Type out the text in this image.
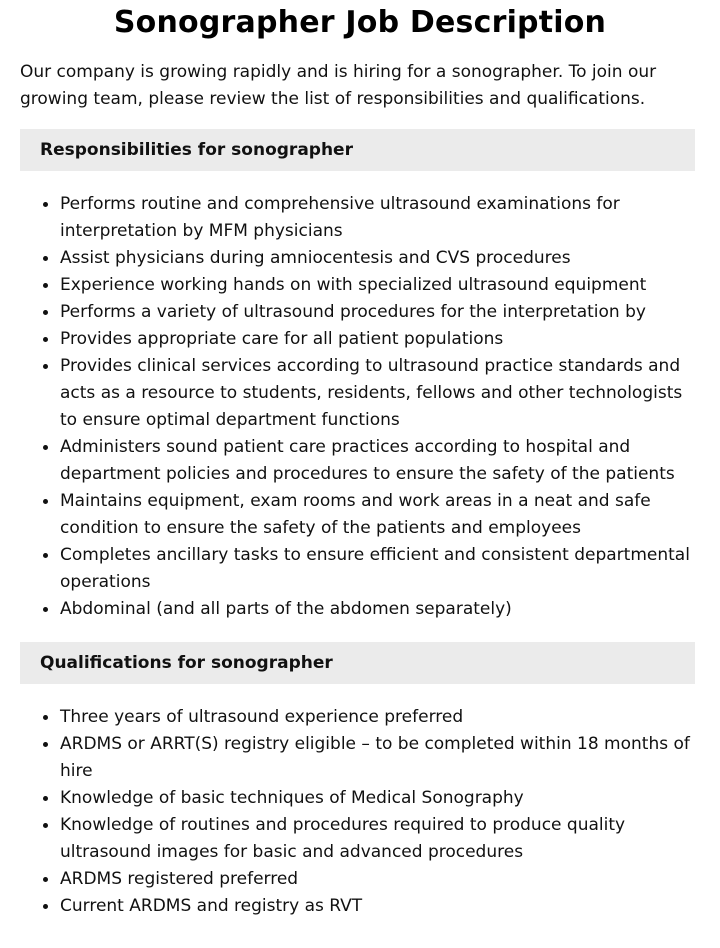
Sonographer Job Description

Our company is growing rapidly and is hiring for a sonographer. To join our growing team, please review the list of responsibilities and qualifications.

Responsibilities for sonographer
Performs routine and comprehensive ultrasound examinations for interpretation by MFM physicians
Assist physicians during amniocentesis and CVS procedures
Experience working hands on with specialized ultrasound equipment
Performs a variety of ultrasound procedures for the interpretation by
Provides appropriate care for all patient populations
Provides clinical services according to ultrasound practice standards and acts as a resource to students, residents, fellows and other technologists to ensure optimal department functions
Administers sound patient care practices according to hospital and department policies and procedures to ensure the safety of the patients
Maintains equipment, exam rooms and work areas in a neat and safe condition to ensure the safety of the patients and employees
Completes ancillary tasks to ensure efficient and consistent departmental operations
Abdominal (and all parts of the abdomen separately)
Qualifications for sonographer
Three years of ultrasound experience preferred
ARDMS or ARRT(S) registry eligible – to be completed within 18 months of hire
Knowledge of basic techniques of Medical Sonography
Knowledge of routines and procedures required to produce quality ultrasound images for basic and advanced procedures
ARDMS registered preferred
Current ARDMS and registry as RVT
